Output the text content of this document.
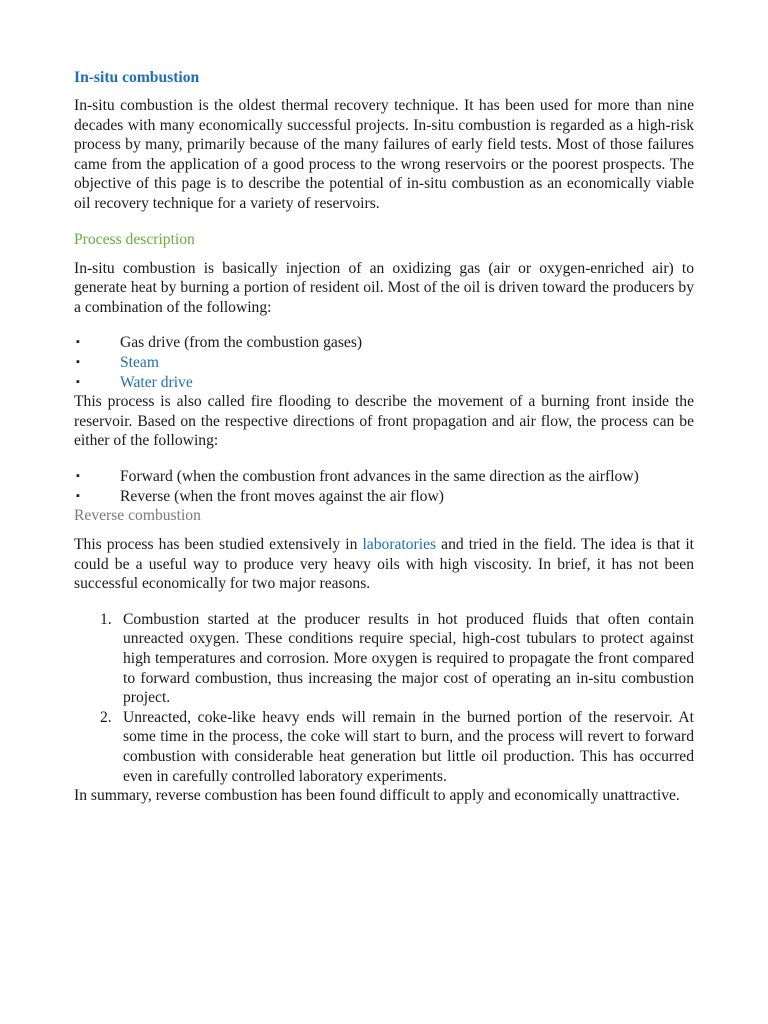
In-situ combustion

In-situ combustion is the oldest thermal recovery technique. It has been used for more than nine decades with many economically successful projects. In-situ combustion is regarded as a high-risk process by many, primarily because of the many failures of early field tests. Most of those failures came from the application of a good process to the wrong reservoirs or the poorest prospects. The objective of this page is to describe the potential of in-situ combustion as an economically viable oil recovery technique for a variety of reservoirs.

Process description

In-situ combustion is basically injection of an oxidizing gas (air or oxygen-enriched air) to generate heat by burning a portion of resident oil. Most of the oil is driven toward the producers by a combination of the following:

▪	Gas drive (from the combustion gases)
▪	Steam
▪	Water drive

This process is also called fire flooding to describe the movement of a burning front inside the reservoir. Based on the respective directions of front propagation and air flow, the process can be either of the following:

▪	Forward (when the combustion front advances in the same direction as the airflow)
▪	Reverse (when the front moves against the air flow)
Reverse combustion

This process has been studied extensively in laboratories and tried in the field. The idea is that it could be a useful way to produce very heavy oils with high viscosity. In brief, it has not been successful economically for two major reasons.

1. Combustion started at the producer results in hot produced fluids that often contain unreacted oxygen. These conditions require special, high-cost tubulars to protect against high temperatures and corrosion. More oxygen is required to propagate the front compared to forward combustion, thus increasing the major cost of operating an in-situ combustion project.
2. Unreacted, coke-like heavy ends will remain in the burned portion of the reservoir. At some time in the process, the coke will start to burn, and the process will revert to forward combustion with considerable heat generation but little oil production. This has occurred even in carefully controlled laboratory experiments.

In summary, reverse combustion has been found difficult to apply and economically unattractive.
